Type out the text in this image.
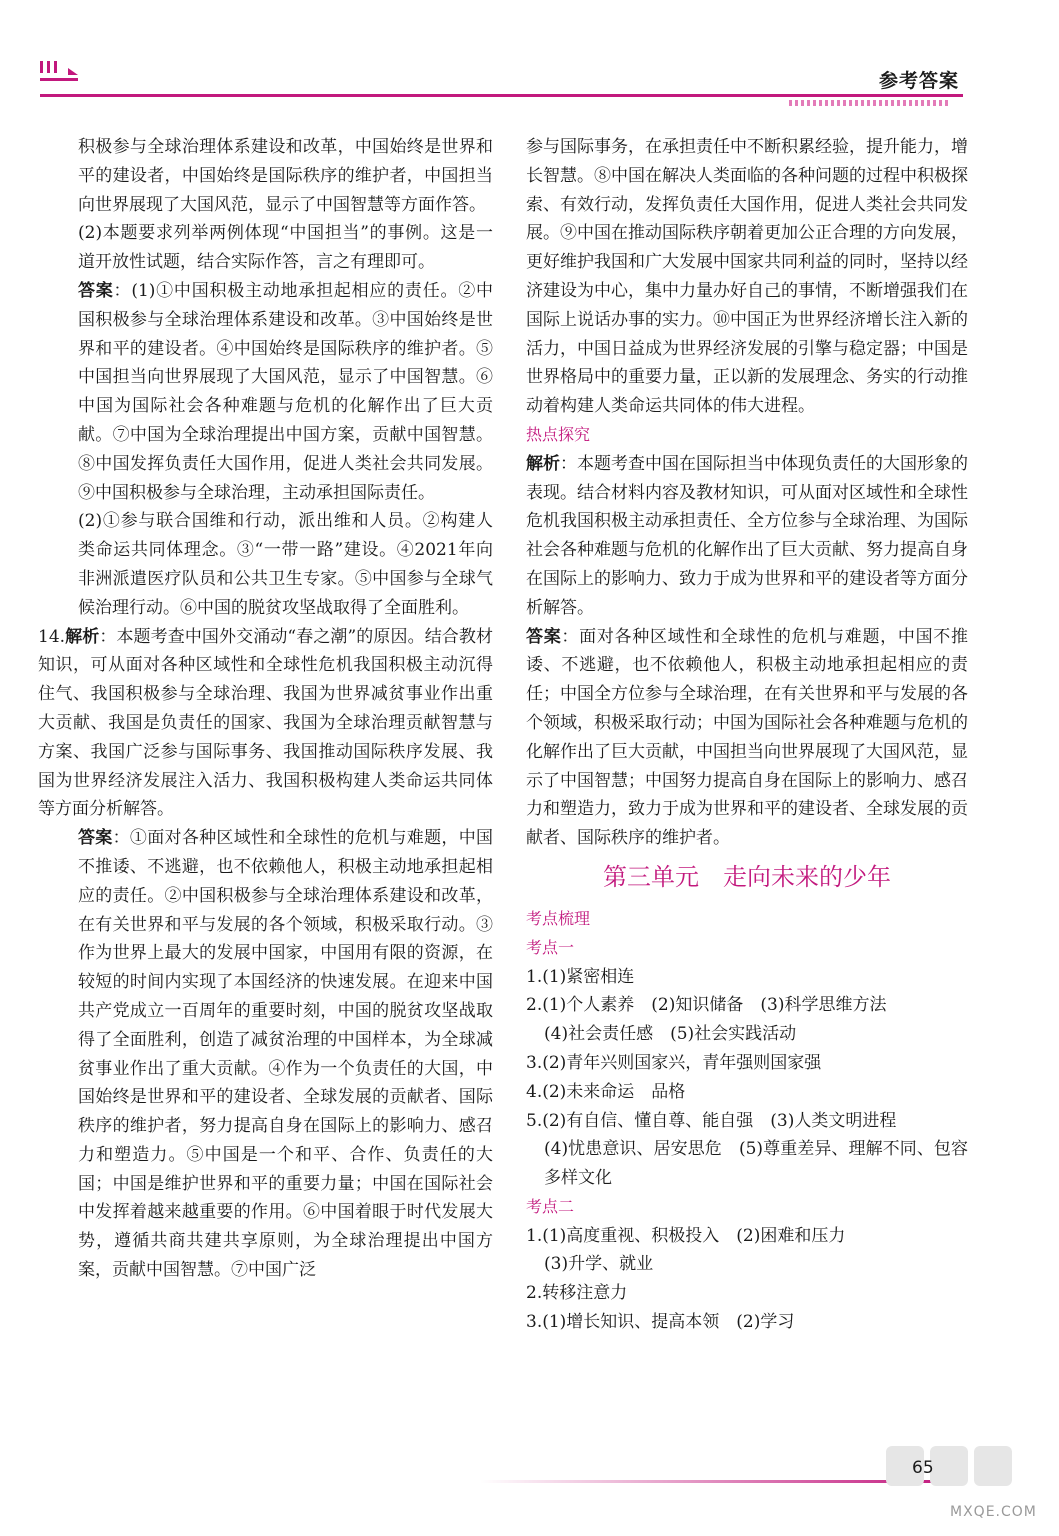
参考答案

积极参与全球治理体系建设和改革，中国始终是世界和平的建设者，中国始终是国际秩序的维护者，中国担当向世界展现了大国风范，显示了中国智慧等方面作答。

(2)本题要求列举两例体现“中国担当”的事例。这是一道开放性试题，结合实际作答，言之有理即可。

答案：(1)①中国积极主动地承担起相应的责任。②中国积极参与全球治理体系建设和改革。③中国始终是世界和平的建设者。④中国始终是国际秩序的维护者。⑤中国担当向世界展现了大国风范，显示了中国智慧。⑥中国为国际社会各种难题与危机的化解作出了巨大贡献。⑦中国为全球治理提出中国方案，贡献中国智慧。⑧中国发挥负责任大国作用，促进人类社会共同发展。⑨中国积极参与全球治理，主动承担国际责任。

(2)①参与联合国维和行动，派出维和人员。②构建人类命运共同体理念。③“一带一路”建设。④2021年向非洲派遣医疗队员和公共卫生专家。⑤中国参与全球气候治理行动。⑥中国的脱贫攻坚战取得了全面胜利。

14.解析：本题考查中国外交涌动“春之潮”的原因。结合教材知识，可从面对各种区域性和全球性危机我国积极主动沉得住气、我国积极参与全球治理、我国为世界减贫事业作出重大贡献、我国是负责任的国家、我国为全球治理贡献智慧与方案、我国广泛参与国际事务、我国推动国际秩序发展、我国为世界经济发展注入活力、我国积极构建人类命运共同体等方面分析解答。

答案：①面对各种区域性和全球性的危机与难题，中国不推诿、不逃避，也不依赖他人，积极主动地承担起相应的责任。②中国积极参与全球治理体系建设和改革，在有关世界和平与发展的各个领域，积极采取行动。③作为世界上最大的发展中国家，中国用有限的资源，在较短的时间内实现了本国经济的快速发展。在迎来中国共产党成立一百周年的重要时刻，中国的脱贫攻坚战取得了全面胜利，创造了减贫治理的中国样本，为全球减贫事业作出了重大贡献。④作为一个负责任的大国，中国始终是世界和平的建设者、全球发展的贡献者、国际秩序的维护者，努力提高自身在国际上的影响力、感召力和塑造力。⑤中国是一个和平、合作、负责任的大国；中国是维护世界和平的重要力量；中国在国际社会中发挥着越来越重要的作用。⑥中国着眼于时代发展大势，遵循共商共建共享原则，为全球治理提出中国方案，贡献中国智慧。⑦中国广泛

参与国际事务，在承担责任中不断积累经验，提升能力，增长智慧。⑧中国在解决人类面临的各种问题的过程中积极探索、有效行动，发挥负责任大国作用，促进人类社会共同发展。⑨中国在推动国际秩序朝着更加公正合理的方向发展，更好维护我国和广大发展中国家共同利益的同时，坚持以经济建设为中心，集中力量办好自己的事情，不断增强我们在国际上说话办事的实力。⑩中国正为世界经济增长注入新的活力，中国日益成为世界经济发展的引擎与稳定器；中国是世界格局中的重要力量，正以新的发展理念、务实的行动推动着构建人类命运共同体的伟大进程。

热点探究

解析：本题考查中国在国际担当中体现负责任的大国形象的表现。结合材料内容及教材知识，可从面对区域性和全球性危机我国积极主动承担责任、全方位参与全球治理、为国际社会各种难题与危机的化解作出了巨大贡献、努力提高自身在国际上的影响力、致力于成为世界和平的建设者等方面分析解答。

答案：面对各种区域性和全球性的危机与难题，中国不推诿、不逃避，也不依赖他人，积极主动地承担起相应的责任；中国全方位参与全球治理，在有关世界和平与发展的各个领域，积极采取行动；中国为国际社会各种难题与危机的化解作出了巨大贡献，中国担当向世界展现了大国风范，显示了中国智慧；中国努力提高自身在国际上的影响力、感召力和塑造力，致力于成为世界和平的建设者、全球发展的贡献者、国际秩序的维护者。

第三单元　走向未来的少年

考点梳理

考点一

1.(1)紧密相连

2.(1)个人素养　(2)知识储备　(3)科学思维方法

(4)社会责任感　(5)社会实践活动

3.(2)青年兴则国家兴，青年强则国家强

4.(2)未来命运　品格

5.(2)有自信、懂自尊、能自强　(3)人类文明进程

(4)忧患意识、居安思危　(5)尊重差异、理解不同、包容多样文化

考点二

1.(1)高度重视、积极投入　(2)困难和压力

(3)升学、就业

2.转移注意力

3.(1)增长知识、提高本领　(2)学习

65
MXQE.COM
